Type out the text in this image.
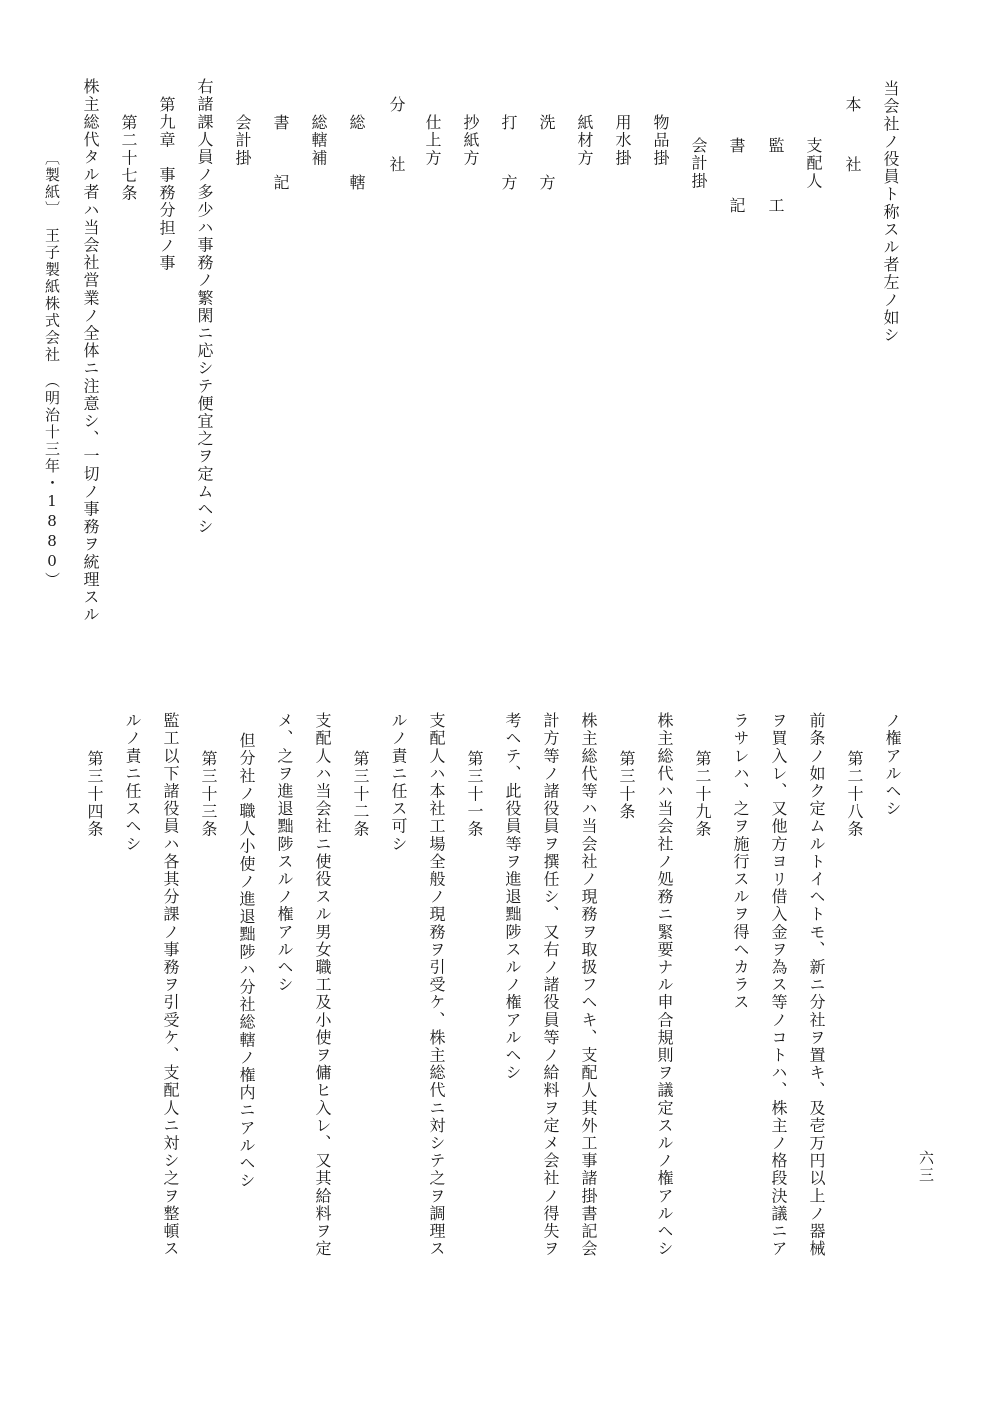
当会社ノ役員ト称スル者左ノ如シ

本　社

支配人

監　工

書　記

会計掛

物品掛

用水掛

紙材方

洗　方

打　方

抄紙方

仕上方

分　社

総　轄

総轄補

書　記

会計掛

右諸課人員ノ多少ハ事務ノ繁閑ニ応シテ便宜之ヲ定ムヘシ

第九章　事務分担ノ事

第二十七条

株主総代タル者ハ当会社営業ノ全体ニ注意シ、一切ノ事務ヲ統理スル

〔製紙〕　王子製紙株式会社　（明治十三年・1880）

ノ権アルヘシ

第二十八条

前条ノ如ク定ムルトイヘトモ、新ニ分社ヲ置キ、及壱万円以上ノ器械

ヲ買入レ、又他方ヨリ借入金ヲ為ス等ノコトハ、株主ノ格段決議ニア

ラサレハ、之ヲ施行スルヲ得ヘカラス

第二十九条

株主総代ハ当会社ノ処務ニ緊要ナル申合規則ヲ議定スルノ権アルヘシ

第三十条

株主総代等ハ当会社ノ現務ヲ取扱フヘキ、支配人其外工事諸掛書記会

計方等ノ諸役員ヲ撰任シ、又右ノ諸役員等ノ給料ヲ定メ会社ノ得失ヲ

考ヘテ、此役員等ヲ進退黜陟スルノ権アルヘシ

第三十一条

支配人ハ本社工場全般ノ現務ヲ引受ケ、株主総代ニ対シテ之ヲ調理ス

ルノ責ニ任ス可シ

第三十二条

支配人ハ当会社ニ使役スル男女職工及小使ヲ傭ヒ入レ、又其給料ヲ定

メ、之ヲ進退黜陟スルノ権アルヘシ

但分社ノ職人小使ノ進退黜陟ハ分社総轄ノ権内ニアルヘシ

第三十三条

監工以下諸役員ハ各其分課ノ事務ヲ引受ケ、支配人ニ対シ之ヲ整頓ス

ルノ責ニ任スヘシ

第三十四条

六三
